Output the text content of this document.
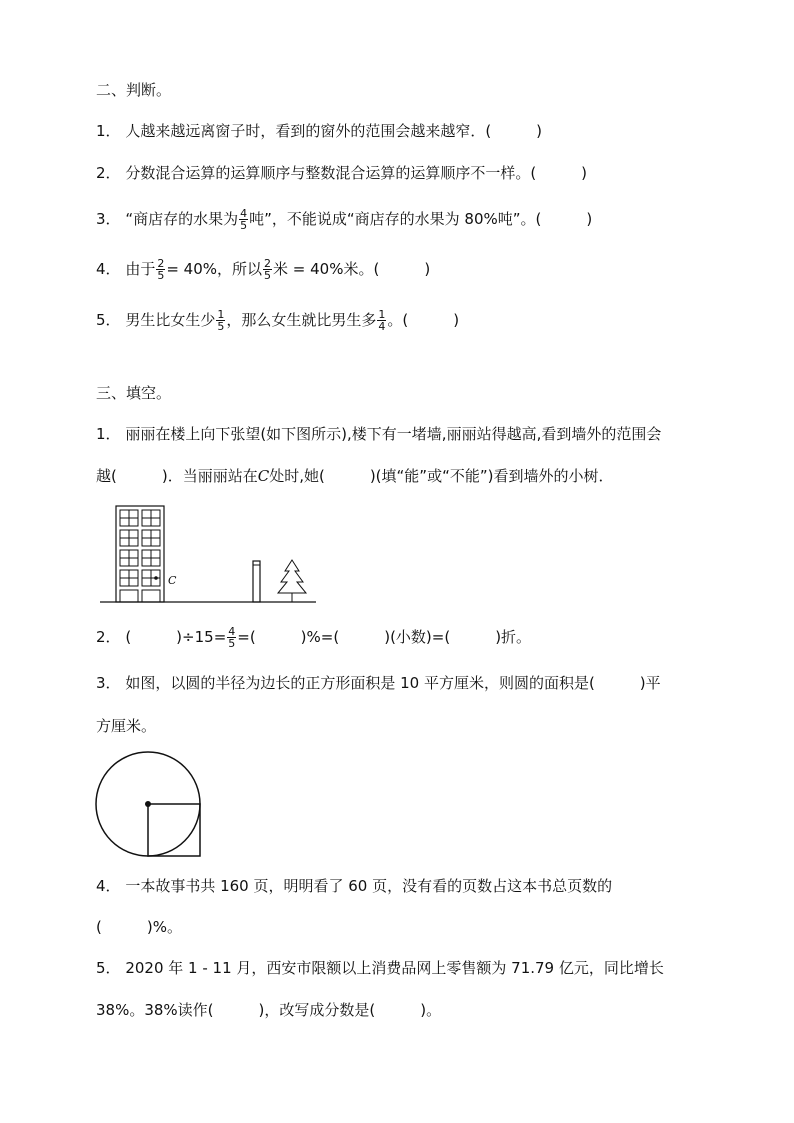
二、判断。
1． 人越来越远离窗子时，看到的窗外的范围会越来越窄．(　　　)
2． 分数混合运算的运算顺序与整数混合运算的运算顺序不一样。(　　　)
3． “商店存的水果为 $\frac{4}{5}$ 吨”，不能说成“商店存的水果为 80%吨”。(　　　)
4． 由于 $\frac{2}{5} = 40\%$，所以 $\frac{2}{5}$ 米 = 40%米。(　　　)
5． 男生比女生少 $\frac{1}{5}$ ，那么女生就比男生多 $\frac{1}{4}$ 。(　　　)
三、填空。
1． 丽丽在楼上向下张望(如下图所示),楼下有一堵墙,丽丽站得越高,看到墙外的范围会
越(　　　)．当丽丽站在C处时,她(　　　)(填“能”或“不能”)看到墙外的小树．
C
2． (　　　)$\div 15= \frac{4}{5}$ =(　　　)%=(　　　)(小数)=(　　　)折。
3． 如图，以圆的半径为边长的正方形面积是 10 平方厘米，则圆的面积是(　　　)平
方厘米。
4． 一本故事书共 160 页，明明看了 60 页，没有看的页数占这本书总页数的
(　　　)%。
5． 2020 年 1 - 11 月，西安市限额以上消费品网上零售额为 71.79 亿元，同比增长
38%。38%读作(　　　)，改写成分数是(　　　)。
